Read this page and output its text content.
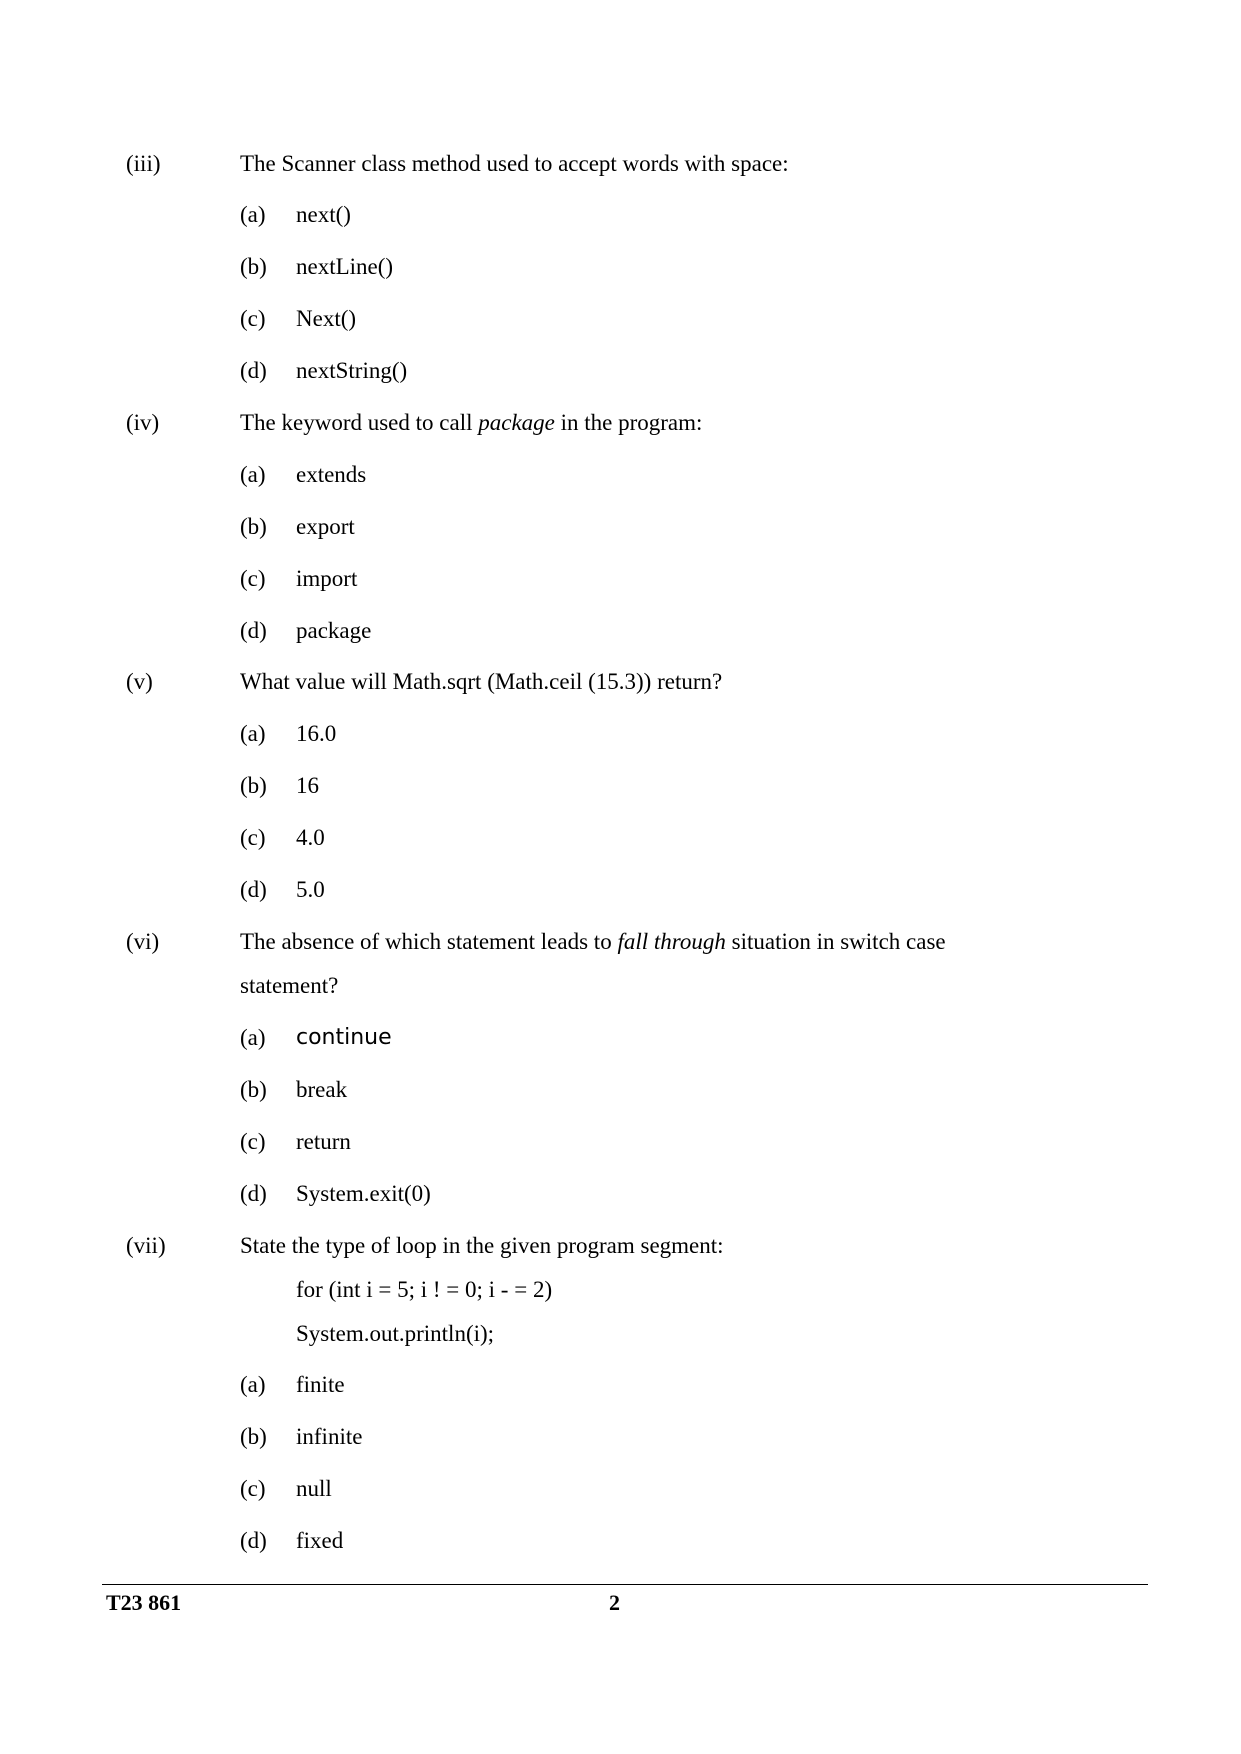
(iii)	The Scanner class method used to accept words with space:
(a) next()
(b) nextLine()
(c) Next()
(d) nextString()
(iv)	The keyword used to call package in the program:
(a) extends
(b) export
(c) import
(d) package
(v)	What value will Math.sqrt (Math.ceil (15.3)) return?
(a) 16.0
(b) 16
(c) 4.0
(d) 5.0
(vi)	The absence of which statement leads to fall through situation in switch case
statement?
(a) continue
(b) break
(c) return
(d) System.exit(0)
(vii)	State the type of loop in the given program segment:
for (int i = 5; i ! = 0; i - = 2)
System.out.println(i);
(a) finite
(b) infinite
(c) null
(d) fixed
T23 861	2
